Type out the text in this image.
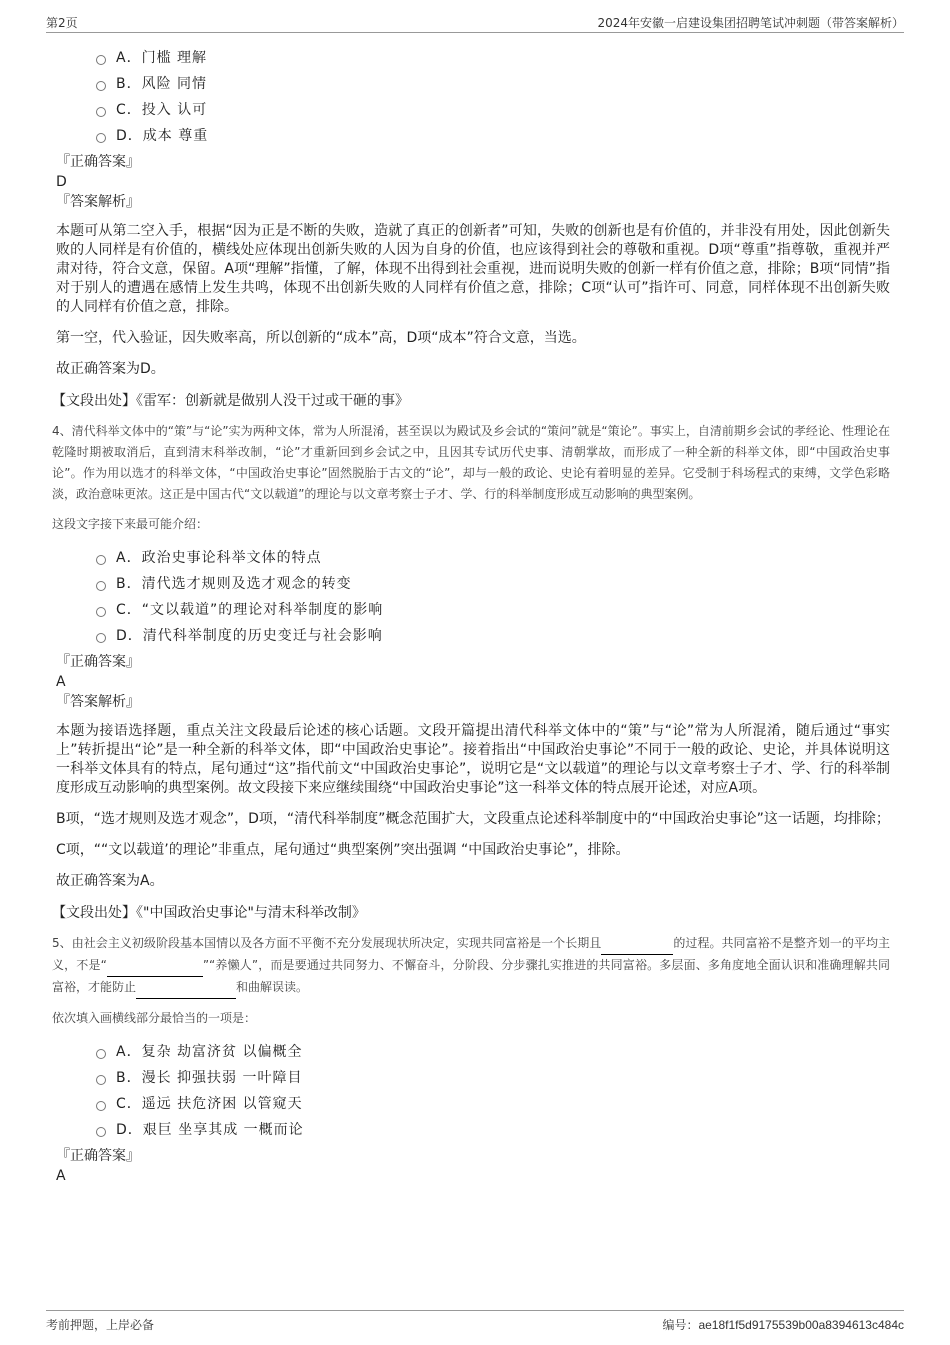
第2页	2024年安徽一启建设集团招聘笔试冲刺题（带答案解析）
A． 门槛 理解
B． 风险 同情
C． 投入 认可
D． 成本 尊重
『正确答案』
D
『答案解析』

本题可从第二空入手，根据“因为正是不断的失败，造就了真正的创新者”可知，失败的创新也是有价值的，并非没有用处，因此创新失败的人同样是有价值的，横线处应体现出创新失败的人因为自身的价值，也应该得到社会的尊敬和重视。D项“尊重”指尊敬，重视并严肃对待，符合文意，保留。A项“理解”指懂，了解，体现不出得到社会重视，进而说明失败的创新一样有价值之意，排除；B项“同情”指对于别人的遭遇在感情上发生共鸣，体现不出创新失败的人同样有价值之意，排除；C项“认可”指许可、同意，同样体现不出创新失败的人同样有价值之意，排除。

第一空，代入验证，因失败率高，所以创新的“成本”高，D项“成本”符合文意，当选。

故正确答案为D。

【文段出处】《雷军：创新就是做别人没干过或干砸的事》
4、清代科举文体中的“策”与“论”实为两种文体，常为人所混淆，甚至误以为殿试及乡会试的“策问”就是“策论”。事实上，自清前期乡会试的孝经论、性理论在乾隆时期被取消后，直到清末科举改制，“论”才重新回到乡会试之中，且因其专试历代史事、清朝掌故，而形成了一种全新的科举文体，即“中国政治史事论”。作为用以选才的科举文体，“中国政治史事论”固然脱胎于古文的“论”，却与一般的政论、史论有着明显的差异。它受制于科场程式的束缚，文学色彩略淡，政治意味更浓。这正是中国古代“文以载道”的理论与以文章考察士子才、学、行的科举制度形成互动影响的典型案例。
这段文字接下来最可能介绍：
A． 政治史事论科举文体的特点
B． 清代选才规则及选才观念的转变
C． “文以载道”的理论对科举制度的影响
D． 清代科举制度的历史变迁与社会影响
『正确答案』
A
『答案解析』

本题为接语选择题，重点关注文段最后论述的核心话题。文段开篇提出清代科举文体中的“策”与“论”常为人所混淆，随后通过“事实上”转折提出“论”是一种全新的科举文体，即“中国政治史事论”。接着指出“中国政治史事论”不同于一般的政论、史论，并具体说明这一科举文体具有的特点，尾句通过“这”指代前文“中国政治史事论”，说明它是“文以载道”的理论与以文章考察士子才、学、行的科举制度形成互动影响的典型案例。故文段接下来应继续围绕“中国政治史事论”这一科举文体的特点展开论述，对应A项。

B项，“选才规则及选才观念”，D项，“清代科举制度”概念范围扩大，文段重点论述科举制度中的“中国政治史事论”这一话题，均排除；

C项，““文以载道’的理论”非重点，尾句通过“典型案例”突出强调 “中国政治史事论”，排除。

故正确答案为A。

【文段出处】《"中国政治史事论"与清末科举改制》
5、由社会主义初级阶段基本国情以及各方面不平衡不充分发展现状所决定，实现共同富裕是一个长期且	的过程。共同富裕不是整齐划一的平均主义，不是“	”“养懒人”，而是要通过共同努力、不懈奋斗，分阶段、分步骤扎实推进的共同富裕。多层面、多角度地全面认识和准确理解共同富裕，才能防止	和曲解误读。
依次填入画横线部分最恰当的一项是：
A． 复杂 劫富济贫 以偏概全
B． 漫长 抑强扶弱 一叶障目
C． 遥远 扶危济困 以管窥天
D． 艰巨 坐享其成 一概而论
『正确答案』
A
考前押题，上岸必备	编号：ae18f1f5d9175539b00a8394613c484c
